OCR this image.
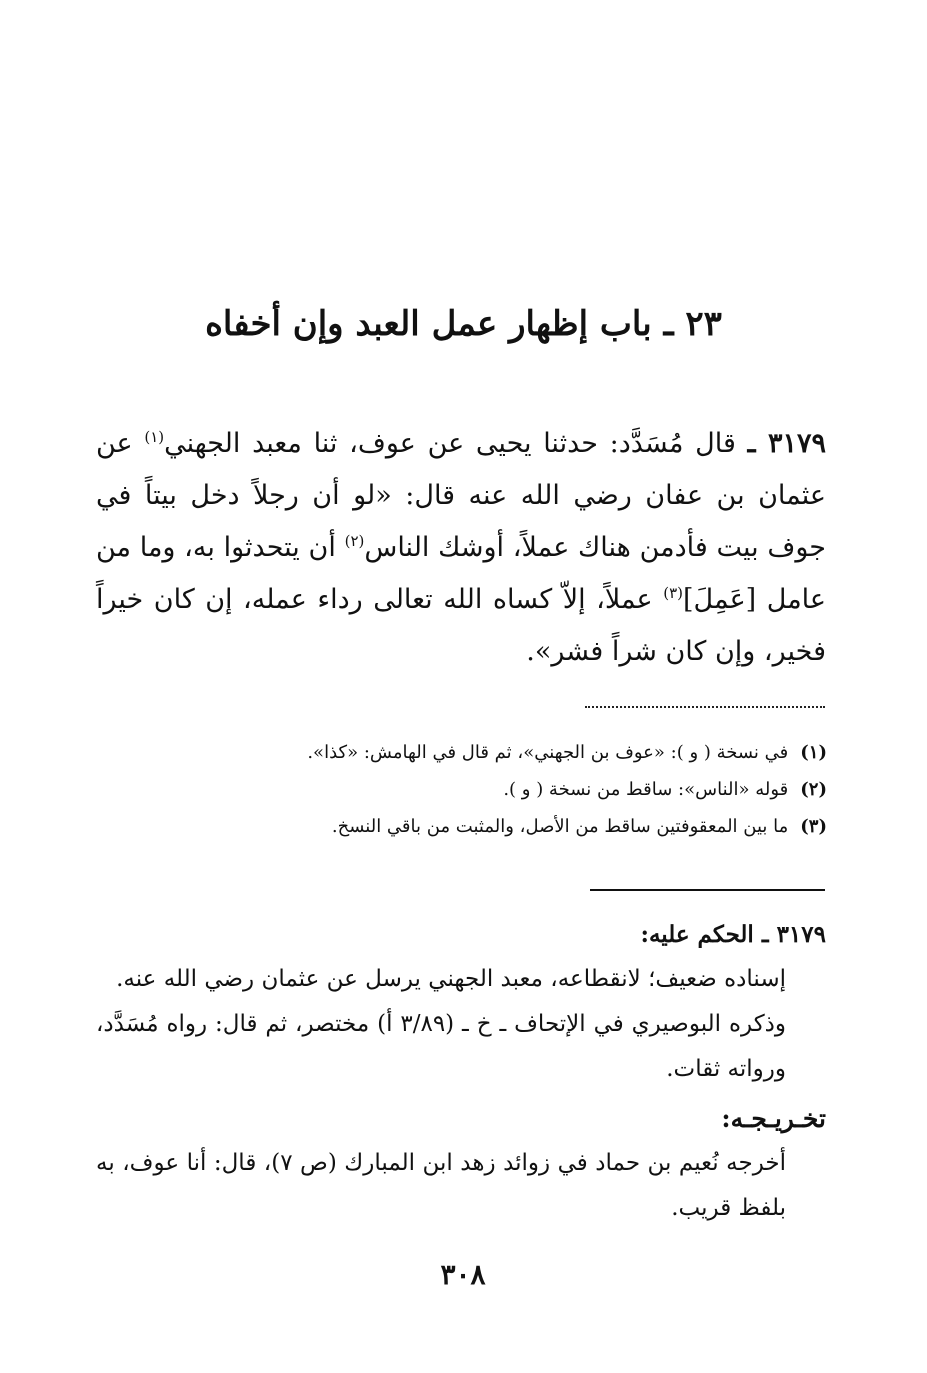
٢٣ ـ باب إظهار عمل العبد وإن أخفاه

٣١٧٩ ـ قال مُسَدَّد: حدثنا يحيى عن عوف، ثنا معبد الجهني$^{(١)}$ عن عثمان بن عفان رضي الله عنه قال: «لو أن رجلاً دخل بيتاً في جوف بيت فأدمن هناك عملاً، أوشك الناس$^{(٢)}$ أن يتحدثوا به، وما من عامل [عَمِلَ]$^{(٣)}$ عملاً، إلاّ كساه الله تعالى رداء عمله، إن كان خيراً فخير، وإن كان شراً فشر».

(١)في نسخة ( و ): «عوف بن الجهني»، ثم قال في الهامش: «كذا».

(٢)قوله «الناس»: ساقط من نسخة ( و ).

(٣)ما بين المعقوفتين ساقط من الأصل، والمثبت من باقي النسخ.

٣١٧٩ ـ الحكم عليه:

إسناده ضعيف؛ لانقطاعه، معبد الجهني يرسل عن عثمان رضي الله عنه.

وذكره البوصيري في الإتحاف ـ خ ـ (٣/٨٩ أ) مختصر، ثم قال: رواه مُسَدَّد، ورواته ثقات.

تخـريـجـه:

أخرجه نُعيم بن حماد في زوائد زهد ابن المبارك (ص ٧)، قال: أنا عوف، به بلفظ قريب.

٣٠٨
